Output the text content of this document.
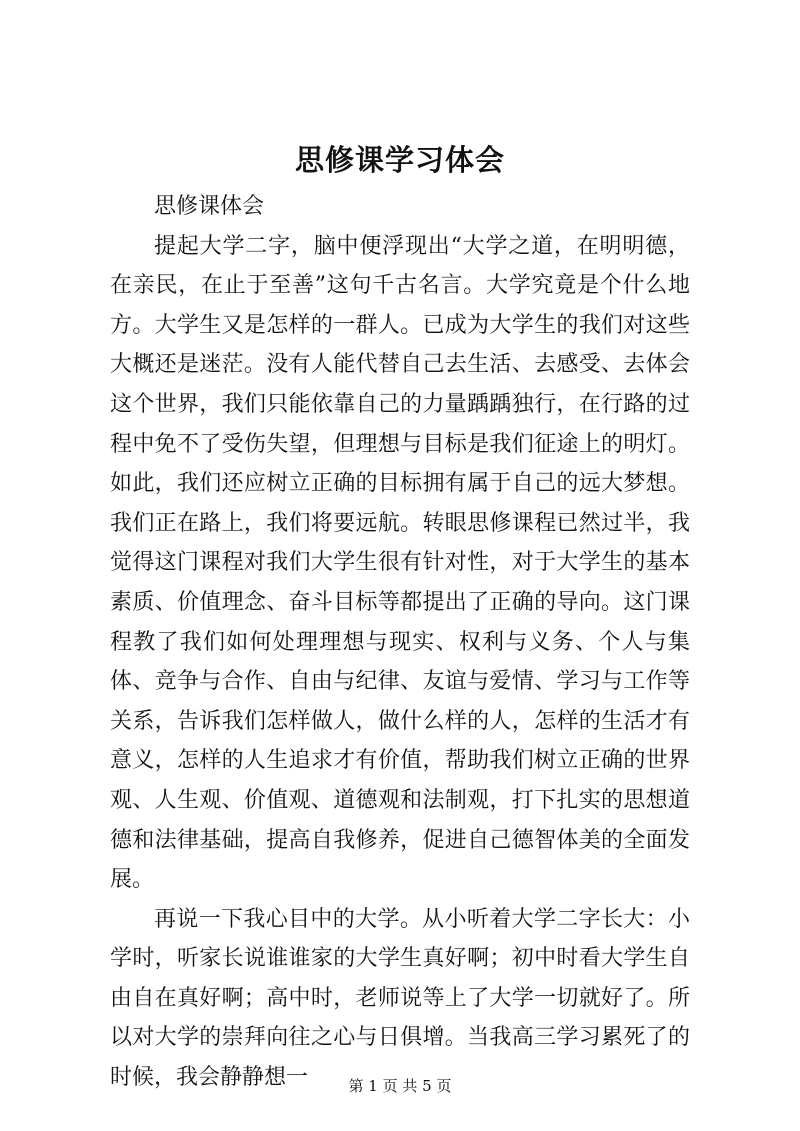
思修课学习体会

思修课体会

提起大学二字，脑中便浮现出“大学之道，在明明德，在亲民，在止于至善”这句千古名言。大学究竟是个什么地方。大学生又是怎样的一群人。已成为大学生的我们对这些大概还是迷茫。没有人能代替自己去生活、去感受、去体会这个世界，我们只能依靠自己的力量踽踽独行，在行路的过程中免不了受伤失望，但理想与目标是我们征途上的明灯。如此，我们还应树立正确的目标拥有属于自己的远大梦想。我们正在路上，我们将要远航。转眼思修课程已然过半，我觉得这门课程对我们大学生很有针对性，对于大学生的基本素质、价值理念、奋斗目标等都提出了正确的导向。这门课程教了我们如何处理理想与现实、权利与义务、个人与集体、竞争与合作、自由与纪律、友谊与爱情、学习与工作等关系，告诉我们怎样做人，做什么样的人，怎样的生活才有意义，怎样的人生追求才有价值，帮助我们树立正确的世界观、人生观、价值观、道德观和法制观，打下扎实的思想道德和法律基础，提高自我修养，促进自己德智体美的全面发展。

再说一下我心目中的大学。从小听着大学二字长大：小学时，听家长说谁谁家的大学生真好啊；初中时看大学生自由自在真好啊；高中时，老师说等上了大学一切就好了。所以对大学的崇拜向往之心与日俱增。当我高三学习累死了的时候，我会静静想一	第 1 页 共 5 页
